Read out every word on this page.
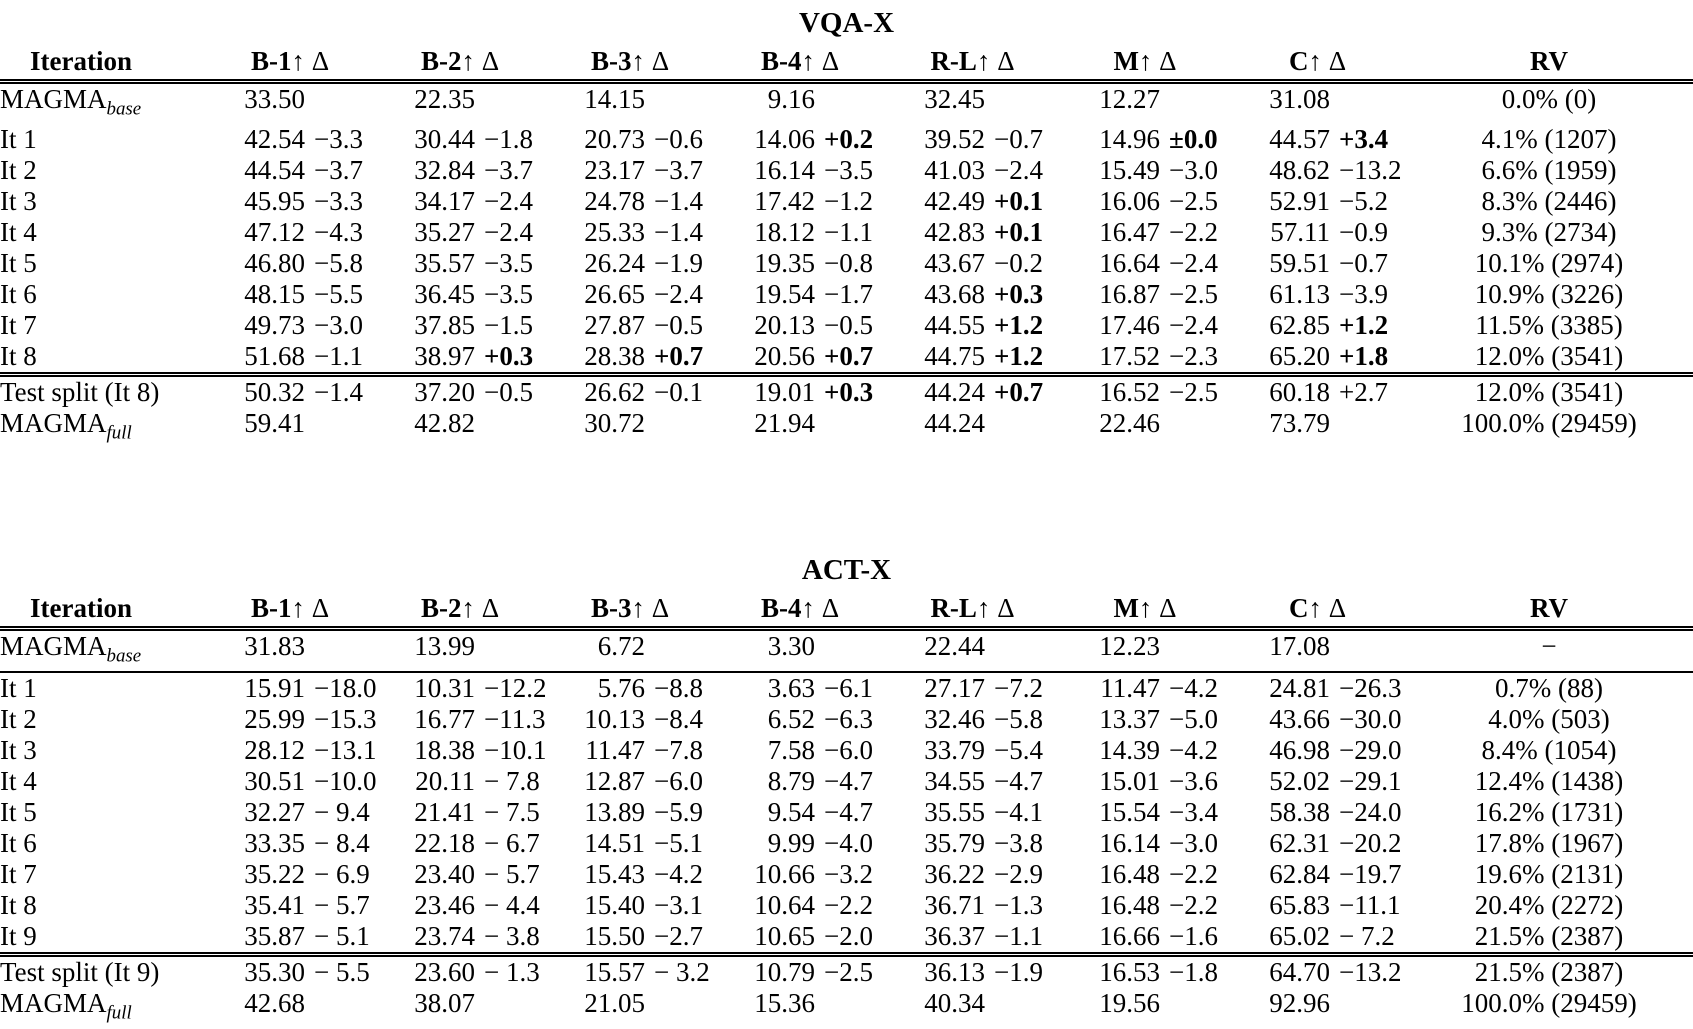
VQA-X
Iteration	B-1↑ Δ	B-2↑ Δ	B-3↑ Δ	B-4↑ Δ	R-L↑ Δ	M↑ Δ	C↑ Δ	RV
$MAGMA_{base}$	33.50	22.35	14.15	9.16	32.45	12.27	31.08	0.0% (0)
It 1	42.54 −3.3	30.44 −1.8	20.73 −0.6	14.06 +0.2	39.52 −0.7	14.96 ±0.0	44.57 +3.4	4.1% (1207)
It 2	44.54 −3.7	32.84 −3.7	23.17 −3.7	16.14 −3.5	41.03 −2.4	15.49 −3.0	48.62 −13.2	6.6% (1959)
It 3	45.95 −3.3	34.17 −2.4	24.78 −1.4	17.42 −1.2	42.49 +0.1	16.06 −2.5	52.91 −5.2	8.3% (2446)
It 4	47.12 −4.3	35.27 −2.4	25.33 −1.4	18.12 −1.1	42.83 +0.1	16.47 −2.2	57.11 −0.9	9.3% (2734)
It 5	46.80 −5.8	35.57 −3.5	26.24 −1.9	19.35 −0.8	43.67 −0.2	16.64 −2.4	59.51 −0.7	10.1% (2974)
It 6	48.15 −5.5	36.45 −3.5	26.65 −2.4	19.54 −1.7	43.68 +0.3	16.87 −2.5	61.13 −3.9	10.9% (3226)
It 7	49.73 −3.0	37.85 −1.5	27.87 −0.5	20.13 −0.5	44.55 +1.2	17.46 −2.4	62.85 +1.2	11.5% (3385)
It 8	51.68 −1.1	38.97 +0.3	28.38 +0.7	20.56 +0.7	44.75 +1.2	17.52 −2.3	65.20 +1.8	12.0% (3541)
Test split (It 8)	50.32 −1.4	37.20 −0.5	26.62 −0.1	19.01 +0.3	44.24 +0.7	16.52 −2.5	60.18 +2.7	12.0% (3541)
$MAGMA_{full}$	59.41	42.82	30.72	21.94	44.24	22.46	73.79	100.0% (29459)
ACT-X
Iteration	B-1↑ Δ	B-2↑ Δ	B-3↑ Δ	B-4↑ Δ	R-L↑ Δ	M↑ Δ	C↑ Δ	RV
$MAGMA_{base}$	31.83	13.99	6.72	3.30	22.44	12.23	17.08	−
It 1	15.91 −18.0	10.31 −12.2	5.76 −8.8	3.63 −6.1	27.17 −7.2	11.47 −4.2	24.81 −26.3	0.7% (88)
It 2	25.99 −15.3	16.77 −11.3	10.13 −8.4	6.52 −6.3	32.46 −5.8	13.37 −5.0	43.66 −30.0	4.0% (503)
It 3	28.12 −13.1	18.38 −10.1	11.47 −7.8	7.58 −6.0	33.79 −5.4	14.39 −4.2	46.98 −29.0	8.4% (1054)
It 4	30.51 −10.0	20.11 − 7.8	12.87 −6.0	8.79 −4.7	34.55 −4.7	15.01 −3.6	52.02 −29.1	12.4% (1438)
It 5	32.27 − 9.4	21.41 − 7.5	13.89 −5.9	9.54 −4.7	35.55 −4.1	15.54 −3.4	58.38 −24.0	16.2% (1731)
It 6	33.35 − 8.4	22.18 − 6.7	14.51 −5.1	9.99 −4.0	35.79 −3.8	16.14 −3.0	62.31 −20.2	17.8% (1967)
It 7	35.22 − 6.9	23.40 − 5.7	15.43 −4.2	10.66 −3.2	36.22 −2.9	16.48 −2.2	62.84 −19.7	19.6% (2131)
It 8	35.41 − 5.7	23.46 − 4.4	15.40 −3.1	10.64 −2.2	36.71 −1.3	16.48 −2.2	65.83 −11.1	20.4% (2272)
It 9	35.87 − 5.1	23.74 − 3.8	15.50 −2.7	10.65 −2.0	36.37 −1.1	16.66 −1.6	65.02 − 7.2	21.5% (2387)
Test split (It 9)	35.30 − 5.5	23.60 − 1.3	15.57 − 3.2	10.79 −2.5	36.13 −1.9	16.53 −1.8	64.70 −13.2	21.5% (2387)
$MAGMA_{full}$	42.68	38.07	21.05	15.36	40.34	19.56	92.96	100.0% (29459)
